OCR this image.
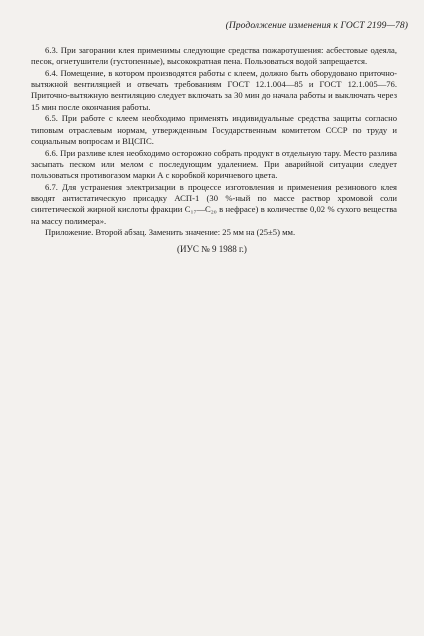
(Продолжение изменения к ГОСТ 2199—78)

6.3. При загорании клея применимы следующие средства пожаротушения: асбестовые одеяла, песок, огнетушители (густопенные), высокократная пена. Пользоваться водой запрещается.

6.4. Помещение, в котором производятся работы с клеем, должно быть оборудовано приточно-вытяжной вентиляцией и отвечать требованиям ГОСТ 12.1.004—85 и ГОСТ 12.1.005—76. Приточно-вытяжную вентиляцию следует включать за 30 мин до начала работы и выключать через 15 мин после окончания работы.

6.5. При работе с клеем необходимо применять индивидуальные средства защиты согласно типовым отраслевым нормам, утвержденным Государственным комитетом СССР по труду и социальным вопросам и ВЦСПС.

6.6. При разливе клея необходимо осторожно собрать продукт в отдельную тару. Место разлива засыпать песком или мелом с последующим удалением. При аварийной ситуации следует пользоваться противогазом марки А с коробкой коричневого цвета.

6.7. Для устранения электризации в процессе изготовления и применения резинового клея вводят антистатическую присадку АСП-1 (30 %-ный по массе раствор хромовой соли синтетической жирной кислоты фракции C₁₇—C₂₀ в нефрасе) в количестве 0,02 % сухого вещества на массу полимера».

Приложение. Второй абзац. Заменить значение: 25 мм на (25±5) мм.

(ИУС № 9 1988 г.)
